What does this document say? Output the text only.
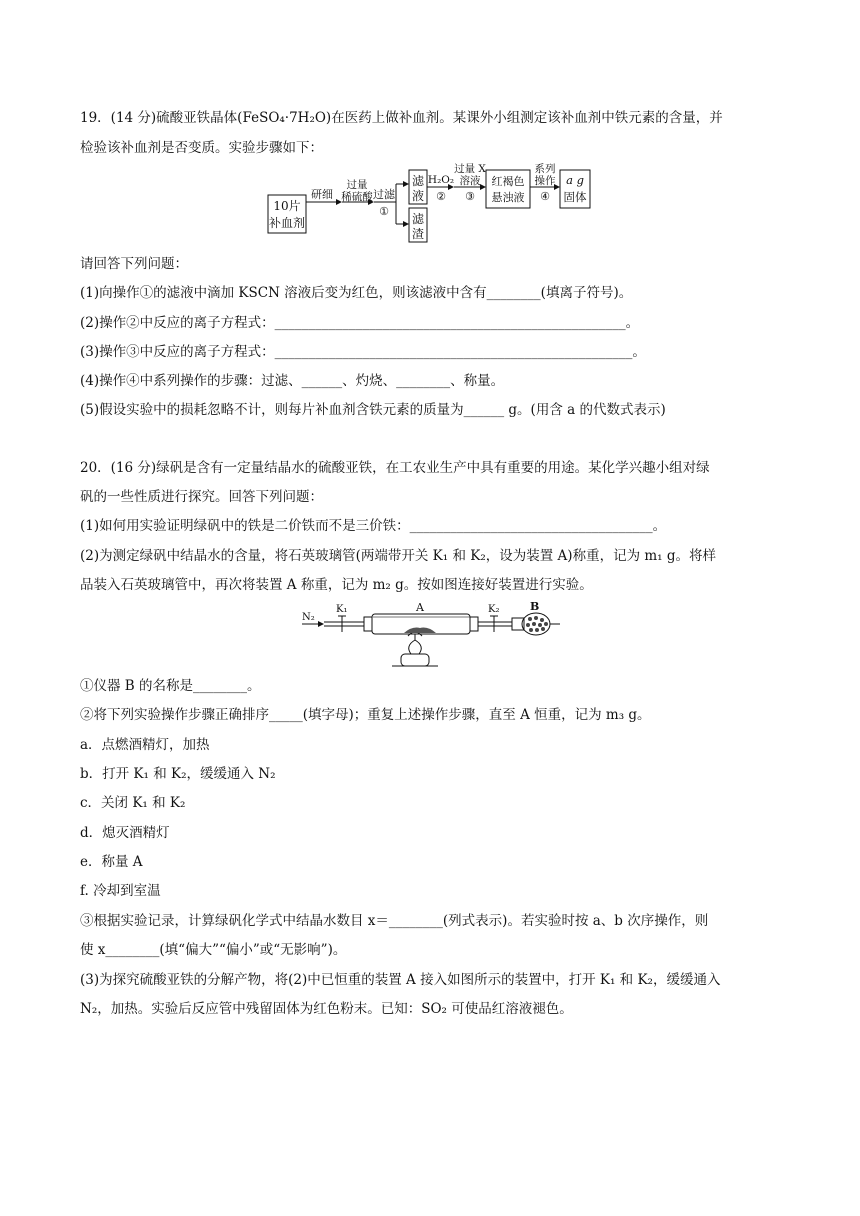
19．(14 分)硫酸亚铁晶体(FeSO₄·7H₂O)在医药上做补血剂。某课外小组测定该补血剂中铁元素的含量，并
检验该补血剂是否变质。实验步骤如下：
10片
补血剂
研细
过量
稀硫酸 过滤
①
滤
液
滤
渣
H₂O₂
②
过量 X
溶液
③
红褐色
悬浊液
系列
操作
④
a g
固体
请回答下列问题：
(1)向操作①的滤液中滴加 KSCN 溶液后变为红色，则该滤液中含有________(填离子符号)。
(2)操作②中反应的离子方程式：____________________________________________________。
(3)操作③中反应的离子方程式：_____________________________________________________。
(4)操作④中系列操作的步骤：过滤、______、灼烧、________、称量。
(5)假设实验中的损耗忽略不计，则每片补血剂含铁元素的质量为______ g。(用含 a 的代数式表示)
20．(16 分)绿矾是含有一定量结晶水的硫酸亚铁，在工农业生产中具有重要的用途。某化学兴趣小组对绿
矾的一些性质进行探究。回答下列问题：
(1)如何用实验证明绿矾中的铁是二价铁而不是三价铁：____________________________________。
(2)为测定绿矾中结晶水的含量，将石英玻璃管(两端带开关 K₁ 和 K₂，设为装置 A)称重，记为 m₁ g。将样
品装入石英玻璃管中，再次将装置 A 称重，记为 m₂ g。按如图连接好装置进行实验。
N₂
K₁	A	K₂	B
①仪器 B 的名称是________。
②将下列实验操作步骤正确排序_____(填字母)；重复上述操作步骤，直至 A 恒重，记为 m₃ g。
a．点燃酒精灯，加热
b．打开 K₁ 和 K₂，缓缓通入 N₂
c．关闭 K₁ 和 K₂
d．熄灭酒精灯
e．称量 A
f. 冷却到室温
③根据实验记录，计算绿矾化学式中结晶水数目 x＝________(列式表示)。若实验时按 a、b 次序操作，则
使 x________(填“偏大”“偏小”或“无影响”)。
(3)为探究硫酸亚铁的分解产物，将(2)中已恒重的装置 A 接入如图所示的装置中，打开 K₁ 和 K₂，缓缓通入
N₂，加热。实验后反应管中残留固体为红色粉末。已知：SO₂ 可使品红溶液褪色。
